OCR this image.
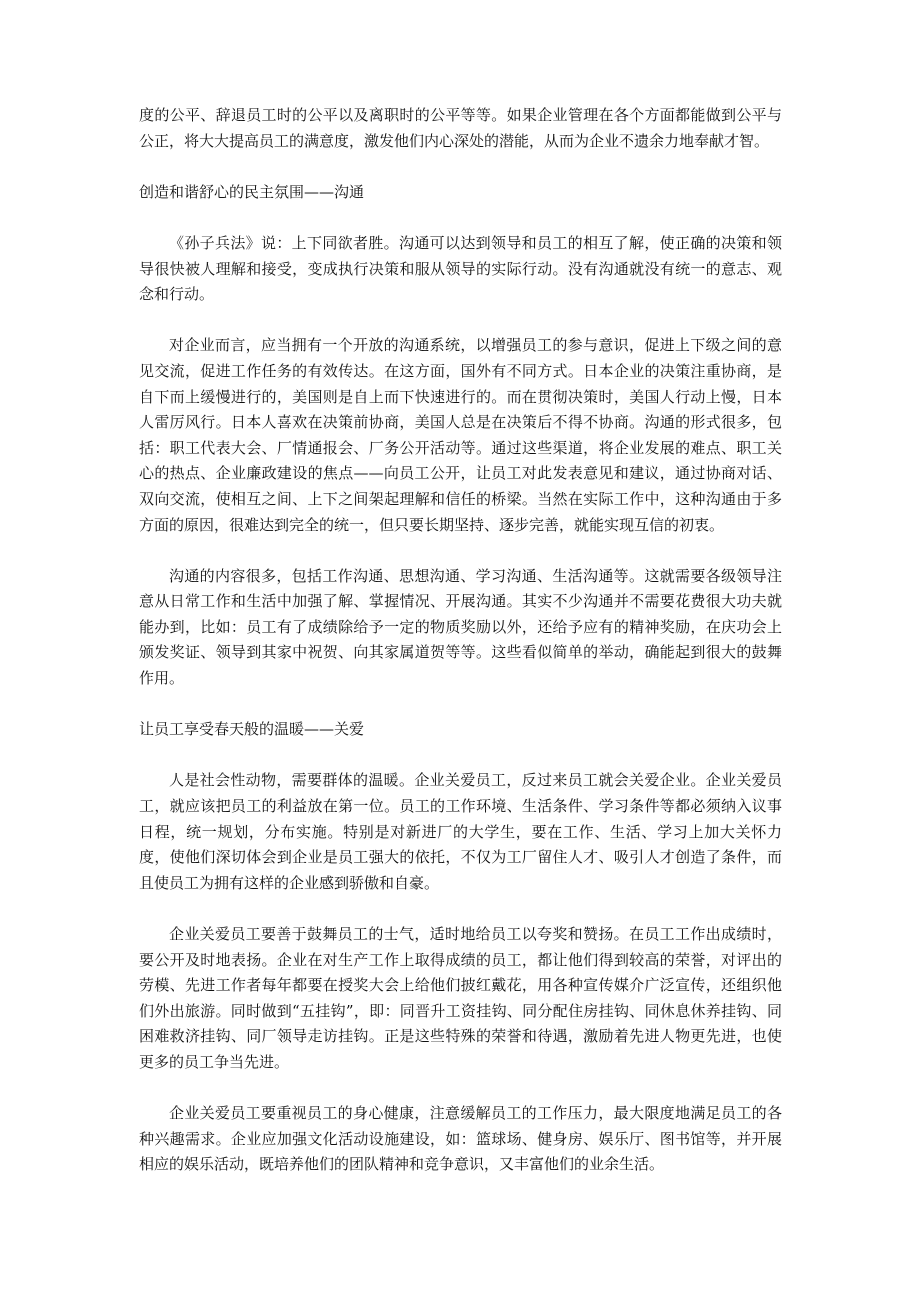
度的公平、辞退员工时的公平以及离职时的公平等等。如果企业管理在各个方面都能做到公平与公正，将大大提高员工的满意度，激发他们内心深处的潜能，从而为企业不遗余力地奉献才智。

创造和谐舒心的民主氛围——沟通

《孙子兵法》说：上下同欲者胜。沟通可以达到领导和员工的相互了解，使正确的决策和领导很快被人理解和接受，变成执行决策和服从领导的实际行动。没有沟通就没有统一的意志、观念和行动。

对企业而言，应当拥有一个开放的沟通系统，以增强员工的参与意识，促进上下级之间的意见交流，促进工作任务的有效传达。在这方面，国外有不同方式。日本企业的决策注重协商，是自下而上缓慢进行的，美国则是自上而下快速进行的。而在贯彻决策时，美国人行动上慢，日本人雷厉风行。日本人喜欢在决策前协商，美国人总是在决策后不得不协商。沟通的形式很多，包括：职工代表大会、厂情通报会、厂务公开活动等。通过这些渠道，将企业发展的难点、职工关心的热点、企业廉政建设的焦点——向员工公开，让员工对此发表意见和建议，通过协商对话、双向交流，使相互之间、上下之间架起理解和信任的桥梁。当然在实际工作中，这种沟通由于多方面的原因，很难达到完全的统一，但只要长期坚持、逐步完善，就能实现互信的初衷。

沟通的内容很多，包括工作沟通、思想沟通、学习沟通、生活沟通等。这就需要各级领导注意从日常工作和生活中加强了解、掌握情况、开展沟通。其实不少沟通并不需要花费很大功夫就能办到，比如：员工有了成绩除给予一定的物质奖励以外，还给予应有的精神奖励，在庆功会上颁发奖证、领导到其家中祝贺、向其家属道贺等等。这些看似简单的举动，确能起到很大的鼓舞作用。

让员工享受春天般的温暖——关爱

人是社会性动物，需要群体的温暖。企业关爱员工，反过来员工就会关爱企业。企业关爱员工，就应该把员工的利益放在第一位。员工的工作环境、生活条件、学习条件等都必须纳入议事日程，统一规划，分布实施。特别是对新进厂的大学生，要在工作、生活、学习上加大关怀力度，使他们深切体会到企业是员工强大的依托，不仅为工厂留住人才、吸引人才创造了条件，而且使员工为拥有这样的企业感到骄傲和自豪。

企业关爱员工要善于鼓舞员工的士气，适时地给员工以夸奖和赞扬。在员工工作出成绩时，要公开及时地表扬。企业在对生产工作上取得成绩的员工，都让他们得到较高的荣誉，对评出的劳模、先进工作者每年都要在授奖大会上给他们披红戴花，用各种宣传媒介广泛宣传，还组织他们外出旅游。同时做到“五挂钩”，即：同晋升工资挂钩、同分配住房挂钩、同休息休养挂钩、同困难救济挂钩、同厂领导走访挂钩。正是这些特殊的荣誉和待遇，激励着先进人物更先进，也使更多的员工争当先进。

企业关爱员工要重视员工的身心健康，注意缓解员工的工作压力，最大限度地满足员工的各种兴趣需求。企业应加强文化活动设施建设，如：篮球场、健身房、娱乐厅、图书馆等，并开展相应的娱乐活动，既培养他们的团队精神和竞争意识，又丰富他们的业余生活。
